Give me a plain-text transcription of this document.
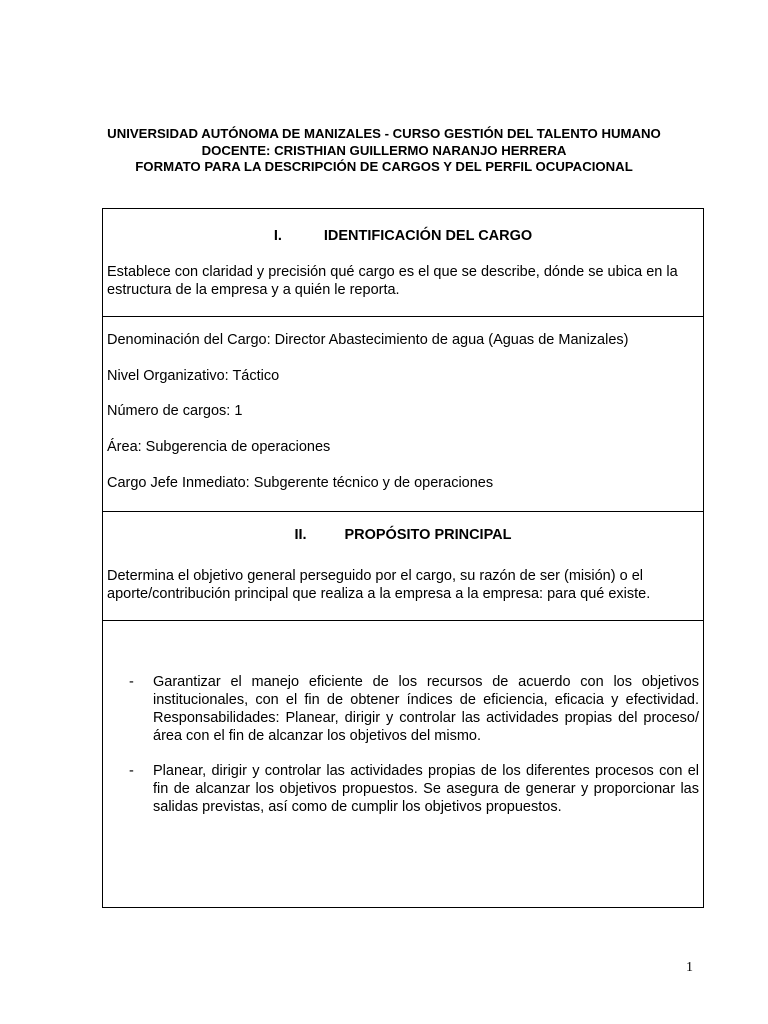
UNIVERSIDAD AUTÓNOMA DE MANIZALES - CURSO GESTIÓN DEL TALENTO HUMANO
DOCENTE: CRISTHIAN GUILLERMO NARANJO HERRERA
FORMATO PARA LA DESCRIPCIÓN DE CARGOS Y DEL PERFIL OCUPACIONAL
I.	IDENTIFICACIÓN DEL CARGO
Establece con claridad y precisión qué cargo es el que se describe, dónde se ubica en la estructura de la empresa y a quién le reporta.
Denominación del Cargo: Director Abastecimiento de agua (Aguas de Manizales)
Nivel Organizativo: Táctico
Número de cargos: 1
Área: Subgerencia de operaciones
Cargo Jefe Inmediato: Subgerente técnico y de operaciones
II.	PROPÓSITO PRINCIPAL
Determina el objetivo general perseguido por el cargo, su razón de ser (misión) o el aporte/contribución principal que realiza a la empresa a la empresa: para qué existe.
- Garantizar el manejo eficiente de los recursos de acuerdo con los objetivos institucionales, con el fin de obtener índices de eficiencia, eficacia y efectividad. Responsabilidades: Planear, dirigir y controlar las actividades propias del proceso/área con el fin de alcanzar los objetivos del mismo.
- Planear, dirigir y controlar las actividades propias de los diferentes procesos con el fin de alcanzar los objetivos propuestos. Se asegura de generar y proporcionar las salidas previstas, así como de cumplir los objetivos propuestos.
1
